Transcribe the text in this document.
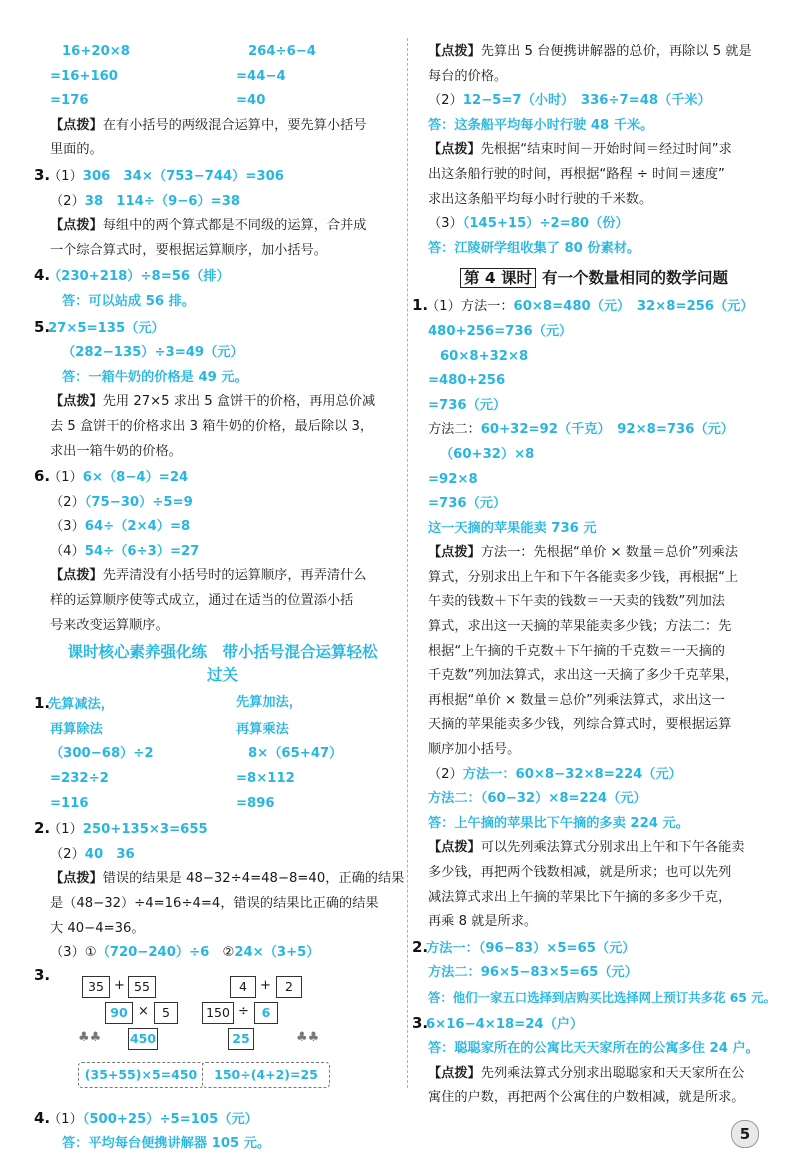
16+20×8	264÷6−4
=16+160	=44−4
=176	=40
【点拨】在有小括号的两级混合运算中，要先算小括号
里面的。
3.（1）306　34×（753−744）=306
（2）38　114÷（9−6）=38
【点拨】每组中的两个算式都是不同级的运算，合并成
一个综合算式时，要根据运算顺序，加小括号。
4.（230+218）÷8=56（排）
答：可以站成 56 排。
5.27×5=135（元）
（282−135）÷3=49（元）
答：一箱牛奶的价格是 49 元。
【点拨】先用 27×5 求出 5 盒饼干的价格，再用总价减
去 5 盒饼干的价格求出 3 箱牛奶的价格，最后除以 3，
求出一箱牛奶的价格。
6.（1）6×（8−4）=24
（2）（75−30）÷5=9
（3）64÷（2×4）=8
（4）54÷（6÷3）=27
【点拨】先弄清没有小括号时的运算顺序，再弄清什么
样的运算顺序使等式成立，通过在适当的位置添小括
号来改变运算顺序。
课时核心素养强化练　带小括号混合运算轻松
过关
1.先算减法，	先算加法，
再算除法	再算乘法
（300−68）÷2	8×（65+47）
=232÷2	=8×112
=116	=896
2.（1）250+135×3=655
（2）40　36
【点拨】错误的结果是 48−32÷4=48−8=40，正确的结果
是（48−32）÷4=16÷4=4，错误的结果比正确的结果
大 40−4=36。
（3）①（720−240）÷6　 ②24×（3+5）
3.
35 + 55
90 ×	5
♣♣ 450
(35+55)×5=450
4	+	2
150 ÷	6
♣♣
25
150÷(4+2)=25
4.（1）（500+25）÷5=105（元）
答：平均每台便携讲解器 105 元。
【点拨】先算出 5 台便携讲解器的总价，再除以 5 就是
每台的价格。
（2）12−5=7（小时）　336÷7=48（千米）
答：这条船平均每小时行驶 48 千米。
【点拨】先根据“结束时间－开始时间＝经过时间”求
出这条船行驶的时间，再根据“路程 ÷ 时间＝速度”
求出这条船平均每小时行驶的千米数。
（3）（145+15）÷2=80（份）
答：江陵研学组收集了 80 份素材。
第 4 课时 有一个数量相同的数学问题
1.（1）方法一：60×8=480（元）　32×8=256（元）
480+256=736（元）
60×8+32×8
=480+256
=736（元）
方法二：60+32=92（千克）　92×8=736（元）
（60+32）×8
=92×8
=736（元）
这一天摘的苹果能卖 736 元
【点拨】方法一：先根据“单价 × 数量＝总价”列乘法
算式，分别求出上午和下午各能卖多少钱，再根据“上
午卖的钱数＋下午卖的钱数＝一天卖的钱数”列加法
算式，求出这一天摘的苹果能卖多少钱；方法二：先
根据“上午摘的千克数＋下午摘的千克数＝一天摘的
千克数”列加法算式，求出这一天摘了多少千克苹果，
再根据“单价 × 数量＝总价”列乘法算式，求出这一
天摘的苹果能卖多少钱，列综合算式时，要根据运算
顺序加小括号。
（2）方法一：60×8−32×8=224（元）
方法二：（60−32）×8=224（元）
答：上午摘的苹果比下午摘的多卖 224 元。
【点拨】可以先列乘法算式分别求出上午和下午各能卖
多少钱，再把两个钱数相减，就是所求；也可以先列
减法算式求出上午摘的苹果比下午摘的多多少千克，
再乘 8 就是所求。
2.方法一：（96−83）×5=65（元）
方法二：96×5−83×5=65（元）
答：他们一家五口选择到店购买比选择网上预订共多花 65 元。
3.6×16−4×18=24（户）
答：聪聪家所在的公寓比天天家所在的公寓多住 24 户。
【点拨】先列乘法算式分别求出聪聪家和天天家所在公
寓住的户数，再把两个公寓住的户数相减，就是所求。
5
